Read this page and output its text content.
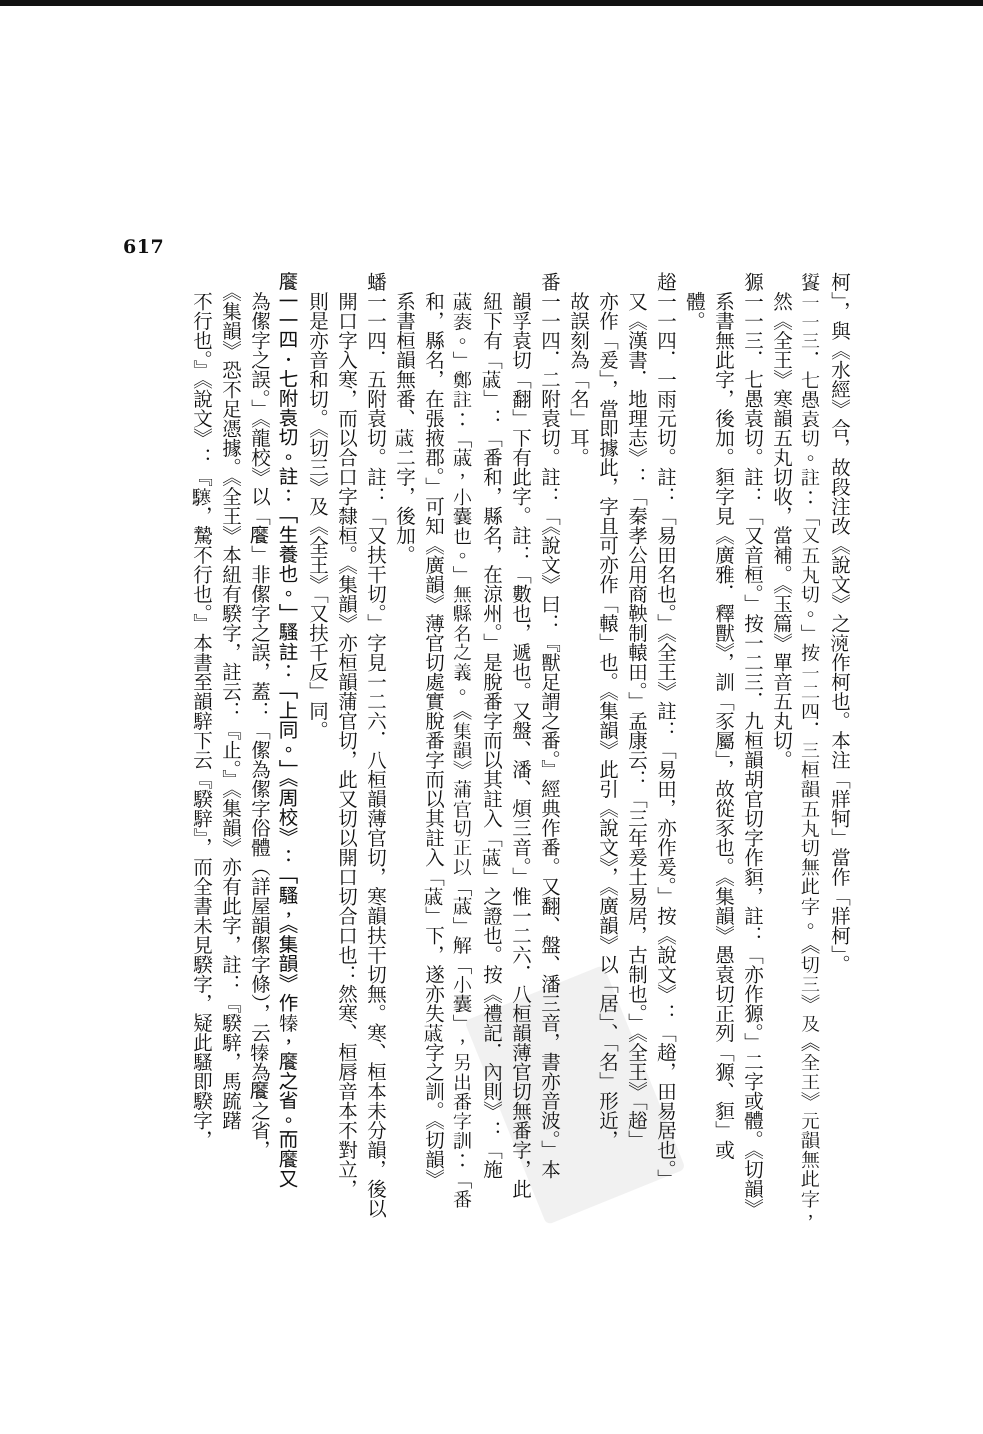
617
柯」，與《水經》合，故段注改《說文》之𣶑作柯也。本注「牂牱」當作「牂柯」。
𩜾一一三．七愚袁切。註：「又五丸切。」按一二四．三桓韻五丸切無此字。《切三》及《全王》元韻無此字，
　然《全王》寒韻五丸切收，當補。《玉篇》單音五丸切。
獂一一三．七愚袁切。註：「又音桓。」按一二三．九桓韻胡官切字作貆，註：「亦作獂。」二字或體。《切韻》
　系書無此字，後加。貆字見《廣雅．釋獸》，訓「豕屬」，故從豕也。《集韻》愚袁切正列「獂、貆」或
　體。
䞱一一四．一雨元切。註：「易田名也。」《全王》註：「易田，亦作爰。」按《說文》：「䞱，田易居也。」
　又《漢書．地理志》：「秦孝公用商鞅制轅田。」孟康云：「三年爰土易居，古制也。」《全王》「䞱」
　亦作「爰」，當即據此，字且可亦作「轅」也。《集韻》此引《說文》，《廣韻》以「居」、「名」形近，
　故誤刻為「名」耳。
番一一四．二附袁切。註：「《說文》曰：『獸足謂之番。』經典作番。又翻、盤、潘三音，書亦音波。」本
　韻孚袁切「翻」下有此字。註：「數也，遞也。又盤、潘、煩三音。」惟一二六．八桓韻薄官切無番字，此
　紐下有「𦸗」：「番和，縣名，在涼州。」是脫番字而以其註入「𦸗」之證也。按《禮記．內則》：「施
　𦸗袠。」鄭註：「𦸗，小囊也。」無縣名之義。《集韻》蒲官切正以「𦸗」解「小囊」，另出番字訓：「番
　和，縣名，在張掖郡。」可知《廣韻》薄官切處實脫番字而以其註入「𦸗」下，遂亦失𦸗字之訓。《切韻》
　系書桓韻無番、𦸗二字，後加。
蟠一一四．五附袁切。註：「又扶干切。」字見一二六．八桓韻薄官切，寒韻扶干切無。寒、桓本未分韻，後以
　開口字入寒，而以合口字隸桓。《集韻》亦桓韻蒲官切，此又切以開口切合口也：然寒、桓唇音本不對立，
　則是亦音和切。《切三》及《全王》「又扶千反」同。
𩞁一一四．七附袁切。註：「生養也。」騷註：「上同。」《周校》：「騷，《集韻》作𤚩，𩞁之省。而𩞁又
　為𠎧字之誤。」《龍校》以「𩞁」非𠎧字之誤，蓋：「𠎧為𠎧字俗體（詳屋韻𠎧字條），云𤚩為𩞁之省，
　《集韻》恐不足憑據。《全王》本紐有騤字，註云：『止。』《集韻》亦有此字，註：『騤騂，馬䟽躇
　不行也。』《說文》：『𩦊，騺不行也。』本書至韻騂下云『騤騂』，而全書未見騤字，疑此騷即騤字，
